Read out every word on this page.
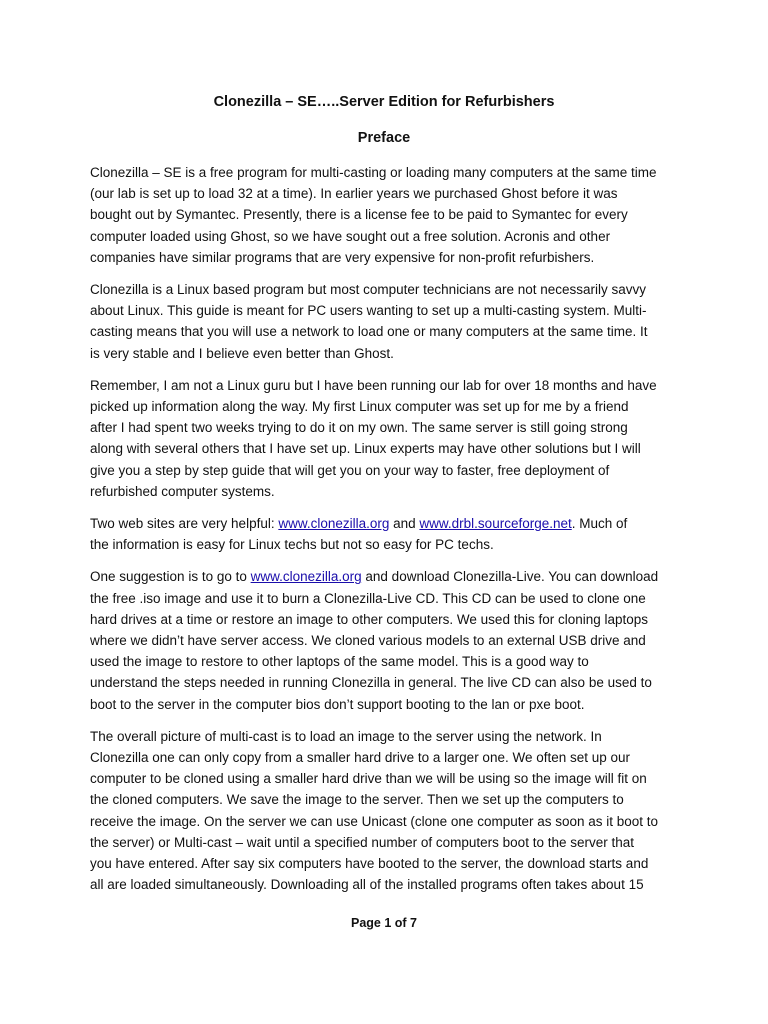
Clonezilla – SE…..Server Edition for Refurbishers
Preface

Clonezilla – SE is a free program for multi-casting or loading many computers at the same time
(our lab is set up to load 32 at a time). In earlier years we purchased Ghost before it was
bought out by Symantec. Presently, there is a license fee to be paid to Symantec for every
computer loaded using Ghost, so we have sought out a free solution. Acronis and other
companies have similar programs that are very expensive for non-profit refurbishers.

Clonezilla is a Linux based program but most computer technicians are not necessarily savvy
about Linux. This guide is meant for PC users wanting to set up a multi-casting system. Multi-
casting means that you will use a network to load one or many computers at the same time. It
is very stable and I believe even better than Ghost.

Remember, I am not a Linux guru but I have been running our lab for over 18 months and have
picked up information along the way. My first Linux computer was set up for me by a friend
after I had spent two weeks trying to do it on my own. The same server is still going strong
along with several others that I have set up. Linux experts may have other solutions but I will
give you a step by step guide that will get you on your way to faster, free deployment of
refurbished computer systems.

Two web sites are very helpful: www.clonezilla.org and www.drbl.sourceforge.net. Much of
the information is easy for Linux techs but not so easy for PC techs.

One suggestion is to go to www.clonezilla.org and download Clonezilla-Live. You can download
the free .iso image and use it to burn a Clonezilla-Live CD. This CD can be used to clone one
hard drives at a time or restore an image to other computers. We used this for cloning laptops
where we didn’t have server access. We cloned various models to an external USB drive and
used the image to restore to other laptops of the same model. This is a good way to
understand the steps needed in running Clonezilla in general. The live CD can also be used to
boot to the server in the computer bios don’t support booting to the lan or pxe boot.

The overall picture of multi-cast is to load an image to the server using the network. In
Clonezilla one can only copy from a smaller hard drive to a larger one. We often set up our
computer to be cloned using a smaller hard drive than we will be using so the image will fit on
the cloned computers. We save the image to the server. Then we set up the computers to
receive the image. On the server we can use Unicast (clone one computer as soon as it boot to
the server) or Multi-cast – wait until a specified number of computers boot to the server that
you have entered. After say six computers have booted to the server, the download starts and
all are loaded simultaneously. Downloading all of the installed programs often takes about 15

Page 1 of 7
